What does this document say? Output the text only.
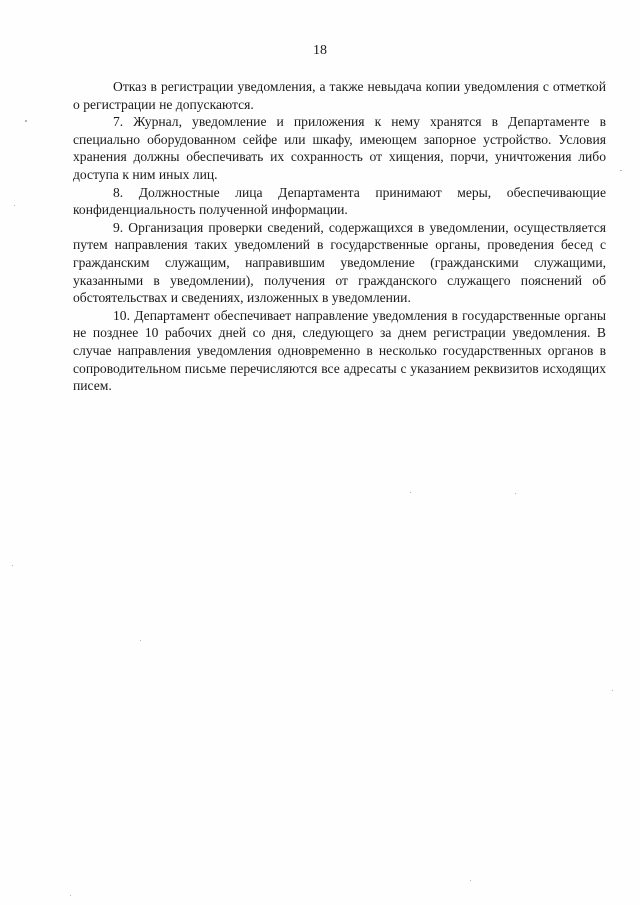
18

Отказ в регистрации уведомления, а также невыдача копии уведомления с отметкой о регистрации не допускаются.

7. Журнал, уведомление и приложения к нему хранятся в Департаменте в специально оборудованном сейфе или шкафу, имеющем запорное устройство. Условия хранения должны обеспечивать их сохранность от хищения, порчи, уничтожения либо доступа к ним иных лиц.

8. Должностные лица Департамента принимают меры, обеспечивающие конфиденциальность полученной информации.

9. Организация проверки сведений, содержащихся в уведомлении, осуществляется путем направления таких уведомлений в государственные органы, проведения бесед с гражданским служащим, направившим уведомление (гражданскими служащими, указанными в уведомлении), получения от гражданского служащего пояснений об обстоятельствах и сведениях, изложенных в уведомлении.

10. Департамент обеспечивает направление уведомления в государственные органы не позднее 10 рабочих дней со дня, следующего за днем регистрации уведомления. В случае направления уведомления одновременно в несколько государственных органов в сопроводительном письме перечисляются все адресаты с указанием реквизитов исходящих писем.
